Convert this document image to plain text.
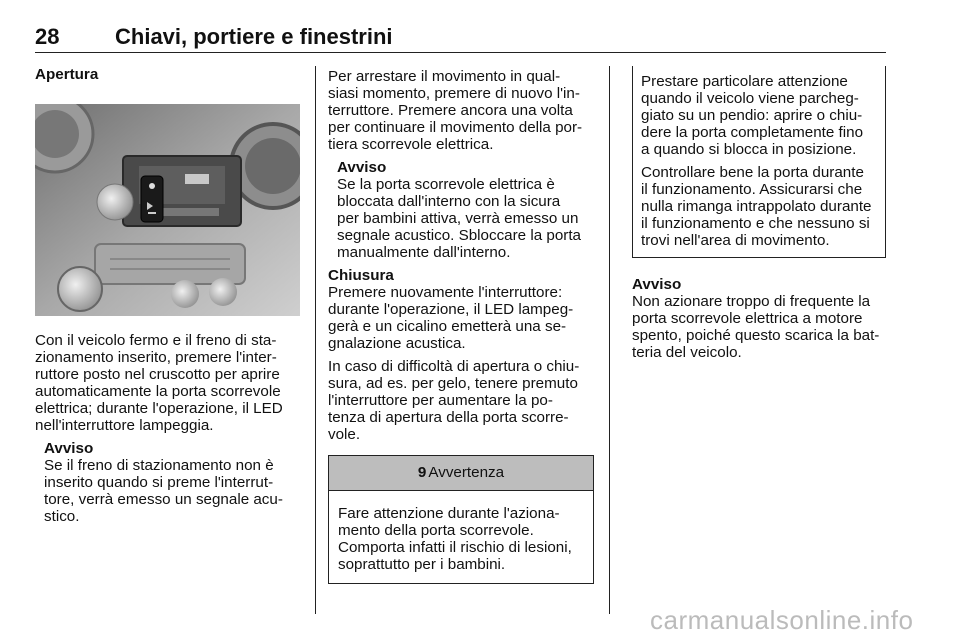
28	Chiavi, portiere e finestrini

Apertura

Con il veicolo fermo e il freno di sta-

zionamento inserito, premere l'inter-

ruttore posto nel cruscotto per aprire

automaticamente la porta scorrevole

elettrica; durante l'operazione, il LED

nell'interruttore lampeggia.

Avviso

Se il freno di stazionamento non è

inserito quando si preme l'interrut-

tore, verrà emesso un segnale acu-

stico.

Per arrestare il movimento in qual-

siasi momento, premere di nuovo l'in-

terruttore. Premere ancora una volta

per continuare il movimento della por-

tiera scorrevole elettrica.

Avviso

Se la porta scorrevole elettrica è

bloccata dall'interno con la sicura

per bambini attiva, verrà emesso un

segnale acustico. Sbloccare la porta

manualmente dall'interno.

Chiusura

Premere nuovamente l'interruttore:

durante l'operazione, il LED lampeg-

gerà e un cicalino emetterà una se-

gnalazione acustica.

In caso di difficoltà di apertura o chiu-

sura, ad es. per gelo, tenere premuto

l'interruttore per aumentare la po-

tenza di apertura della porta scorre-

vole.

9 Avvertenza

Fare attenzione durante l'aziona-

mento della porta scorrevole.

Comporta infatti il rischio di lesioni,

soprattutto per i bambini.

Prestare particolare attenzione

quando il veicolo viene parcheg-

giato su un pendio: aprire o chiu-

dere la porta completamente fino

a quando si blocca in posizione.

Controllare bene la porta durante

il funzionamento. Assicurarsi che

nulla rimanga intrappolato durante

il funzionamento e che nessuno si

trovi nell'area di movimento.

Avviso

Non azionare troppo di frequente la

porta scorrevole elettrica a motore

spento, poiché questo scarica la bat-

teria del veicolo.

carmanualsonline.info
